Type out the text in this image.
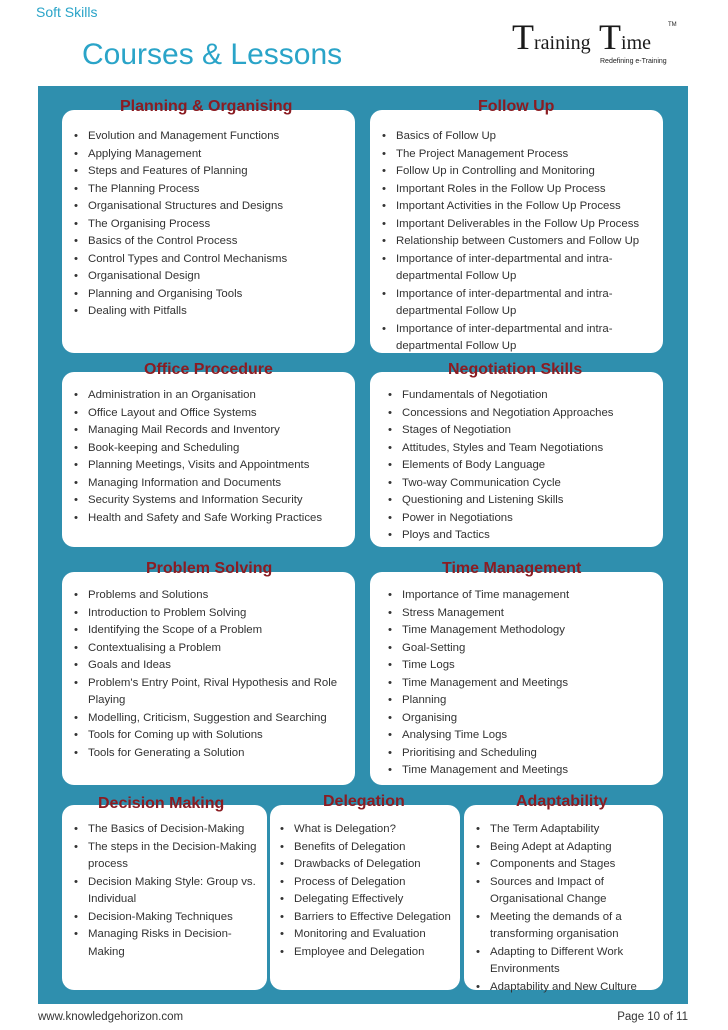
Soft Skills
Courses & Lessons	Training Time
TM
Redefining e-Training
Planning & Organising
• Evolution and Management Functions
• Applying Management
• Steps and Features of Planning
• The Planning Process
• Organisational Structures and Designs
• The Organising Process
• Basics of the Control Process
• Control Types and Control Mechanisms
• Organisational Design
• Planning and Organising Tools
• Dealing with Pitfalls
Follow Up
• Basics of Follow Up
• The Project Management Process
• Follow Up in Controlling and Monitoring
• Important Roles in the Follow Up Process
• Important Activities in the Follow Up Process
• Important Deliverables in the Follow Up Process
• Relationship between Customers and Follow Up
• Importance of inter-departmental and intra-departmental Follow Up
• Importance of inter-departmental and intra-departmental Follow Up
• Importance of inter-departmental and intra-departmental Follow Up
Office Procedure
• Administration in an Organisation
• Office Layout and Office Systems
• Managing Mail Records and Inventory
• Book-keeping and Scheduling
• Planning Meetings, Visits and Appointments
• Managing Information and Documents
• Security Systems and Information Security
• Health and Safety and Safe Working Practices
Negotiation Skills
• Fundamentals of Negotiation
• Concessions and Negotiation Approaches
• Stages of Negotiation
• Attitudes, Styles and Team Negotiations
• Elements of Body Language
• Two-way Communication Cycle
• Questioning and Listening Skills
• Power in Negotiations
• Ploys and Tactics
Problem Solving
• Problems and Solutions
• Introduction to Problem Solving
• Identifying the Scope of a Problem
• Contextualising a Problem
• Goals and Ideas
• Problem's Entry Point, Rival Hypothesis and Role Playing
• Modelling, Criticism, Suggestion and Searching
• Tools for Coming up with Solutions
• Tools for Generating a Solution
Time Management
• Importance of Time management
• Stress Management
• Time Management Methodology
• Goal-Setting
• Time Logs
• Time Management and Meetings
• Planning
• Organising
• Analysing Time Logs
• Prioritising and Scheduling
• Time Management and Meetings
Decision Making
• The Basics of Decision-Making
• The steps in the Decision-Making process
• Decision Making Style: Group vs. Individual
• Decision-Making Techniques
• Managing Risks in Decision-Making
Delegation
• What is Delegation?
• Benefits of Delegation
• Drawbacks of Delegation
• Process of Delegation
• Delegating Effectively
• Barriers to Effective Delegation
• Monitoring and Evaluation
• Employee and Delegation
Adaptability
• The Term Adaptability
• Being Adept at Adapting
• Components and Stages
• Sources and Impact of Organisational Change
• Meeting the demands of a transforming organisation
• Adapting to Different Work Environments
• Adaptability and New Culture
www.knowledgehorizon.com	Page 10 of 11
